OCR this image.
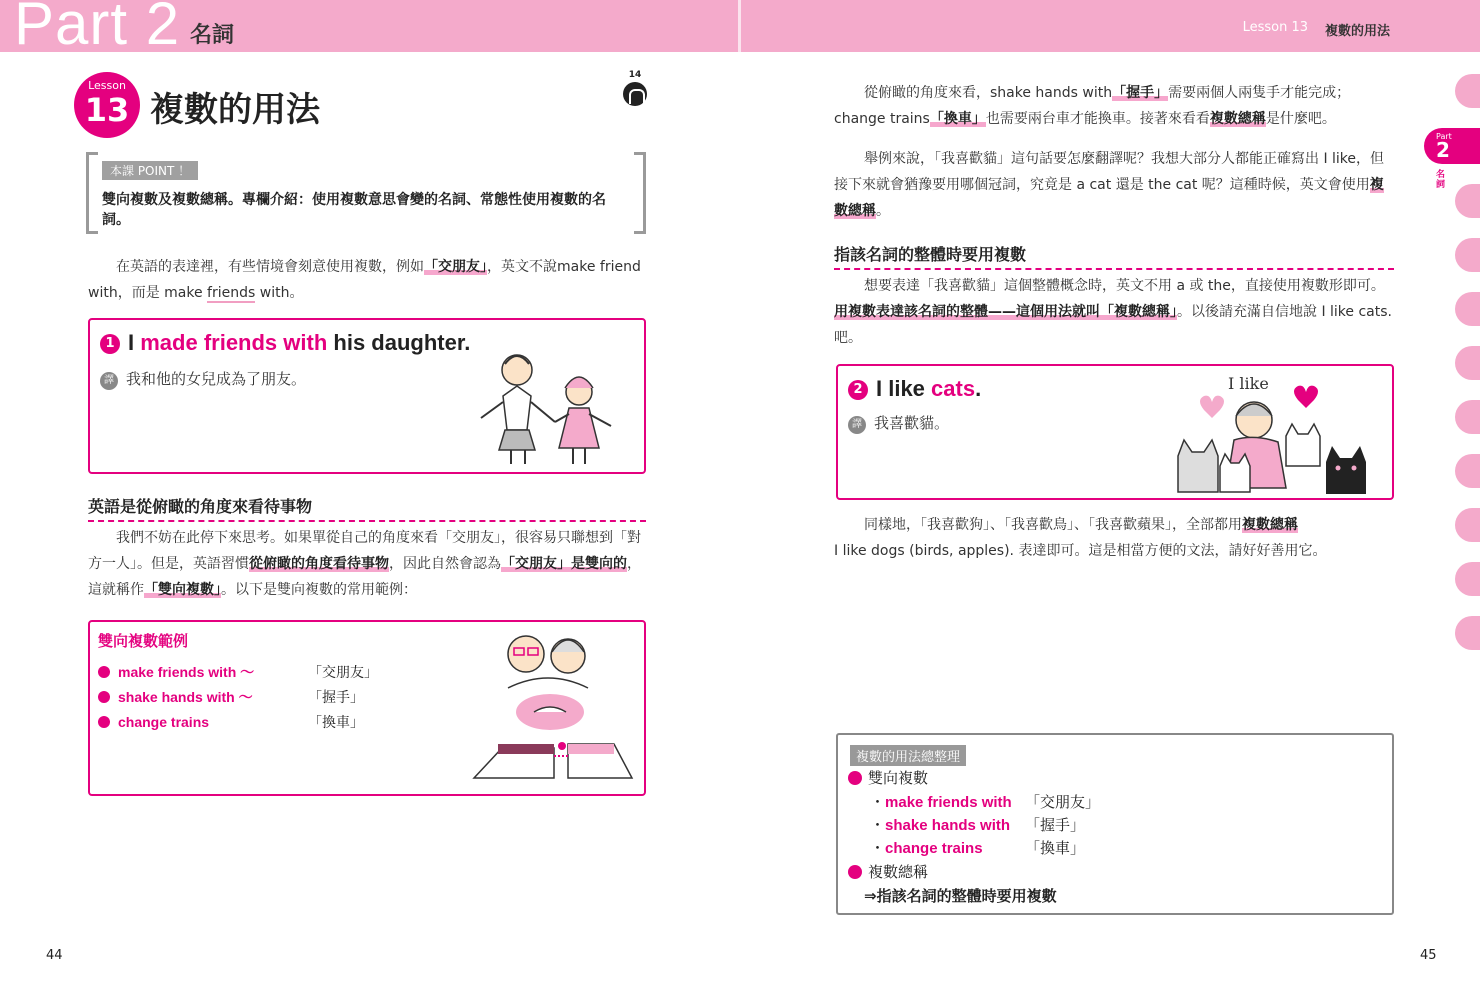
Part 2 名詞	Lesson 13 複數的用法
Lesson
13 複數的用法
14
本課 POINT ！
雙向複數及複數總稱。專欄介紹：使用複數意思會變的名詞、常態性使用複數的名詞。
在英語的表達裡，有些情境會刻意使用複數，例如「交朋友」，英文不說make friend with，而是 make friends with。
1 I made friends with his daughter.
譯 我和他的女兒成為了朋友。
英語是從俯瞰的角度來看待事物
我們不妨在此停下來思考。如果單從自己的角度來看「交朋友」，很容易只聯想到「對方一人」。但是，英語習慣從俯瞰的角度看待事物，因此自然會認為「交朋友」是雙向的，這就稱作「雙向複數」。以下是雙向複數的常用範例：
雙向複數範例
make friends with ～	「交朋友」
shake hands with ～	「握手」
change trains	「換車」
從俯瞰的角度來看，shake hands with「握手」需要兩個人兩隻手才能完成；change trains「換車」也需要兩台車才能換車。接著來看看複數總稱是什麼吧。
舉例來說，「我喜歡貓」這句話要怎麼翻譯呢？我想大部分人都能正確寫出 I like，但接下來就會猶豫要用哪個冠詞，究竟是 a cat 還是 the cat 呢？這種時候，英文會使用複數總稱。
指該名詞的整體時要用複數
想要表達「我喜歡貓」這個整體概念時，英文不用 a 或 the，直接使用複數形即可。用複數表達該名詞的整體——這個用法就叫「複數總稱」。以後請充滿自信地說 I like cats. 吧。
2 I like cats.
譯 我喜歡貓。
I like
同樣地，「我喜歡狗」、「我喜歡鳥」、「我喜歡蘋果」，全部都用複數總稱
I like dogs (birds, apples). 表達即可。這是相當方便的文法，請好好善用它。
複數的用法總整理
雙向複數
・make friends with 「交朋友」
・shake hands with 「握手」
・change trains	「換車」
複數總稱
⇒指該名詞的整體時要用複數
Part
2
名詞
44	45
